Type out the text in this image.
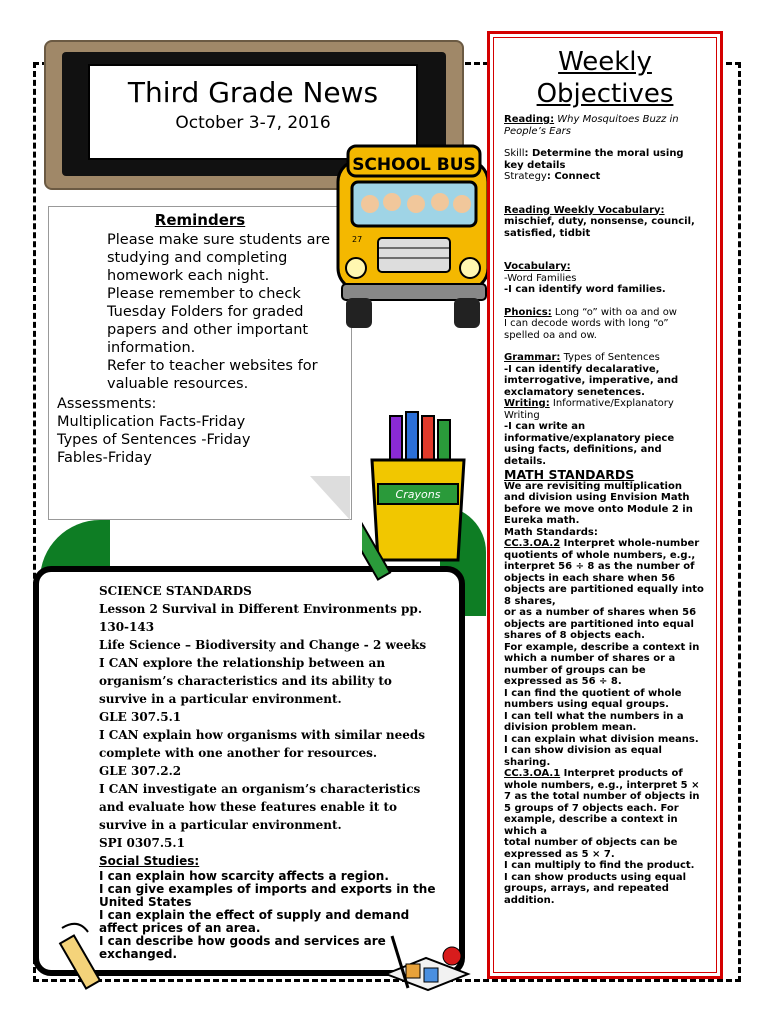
Third Grade News
October 3-7, 2016
Reminders
Please make sure students are studying and completing homework each night.
Please remember to check Tuesday Folders for graded papers and other important information.
Refer to teacher websites for valuable resources.
Assessments:
Multiplication Facts-Friday
Types of Sentences -Friday
Fables-Friday
SCIENCE STANDARDS
Lesson 2 Survival in Different Environments pp. 130-143
Life Science – Biodiversity and Change - 2 weeks
I CAN explore the relationship between an organism’s characteristics and its ability to survive in a particular environment.
GLE 307.5.1
I CAN explain how organisms with similar needs complete with one another for resources.
GLE 307.2.2
I CAN investigate an organism’s characteristics and evaluate how these features enable it to survive in a particular environment.
SPI 0307.5.1
Social Studies:
I can explain how scarcity affects a region.
I can give examples of imports and exports in the United States
I can explain the effect of supply and demand affect prices of an area.
I can describe how goods and services are exchanged.
SCHOOL BUS
27
Crayons
Weekly Objectives
Reading: Why Mosquitoes Buzz in People’s Ears
Skill: Determine the moral using key details
Strategy: Connect
Reading Weekly Vocabulary:
mischief, duty, nonsense, council, satisfied, tidbit
Vocabulary:
-Word Families
-I can identify word families.
Phonics: Long “o” with oa and ow
I can decode words with long “o” spelled oa and ow.
Grammar: Types of Sentences
-I can identify decalarative, imterrogative, imperative, and exclamatory senetences.
Writing: Informative/Explanatory Writing
-I can write an informative/explanatory piece using facts, definitions, and details.
MATH STANDARDS
We are revisiting multiplication and division using Envision Math before we move onto Module 2 in Eureka math.
Math Standards:
CC.3.OA.2 Interpret whole-number quotients of whole numbers, e.g., interpret 56 ÷ 8 as the number of objects in each share when 56 objects are partitioned equally into 8 shares,
or as a number of shares when 56 objects are partitioned into equal shares of 8 objects each.
For example, describe a context in which a number of shares or a number of groups can be expressed as 56 ÷ 8.
I can find the quotient of whole numbers using equal groups.
I can tell what the numbers in a division problem mean.
I can explain what division means.
I can show division as equal sharing.
CC.3.OA.1 Interpret products of whole numbers, e.g., interpret 5 × 7 as the total number of objects in 5 groups of 7 objects each. For example, describe a context in which a
total number of objects can be expressed as 5 × 7.
I can multiply to find the product.
I can show products using equal groups, arrays, and repeated addition.
